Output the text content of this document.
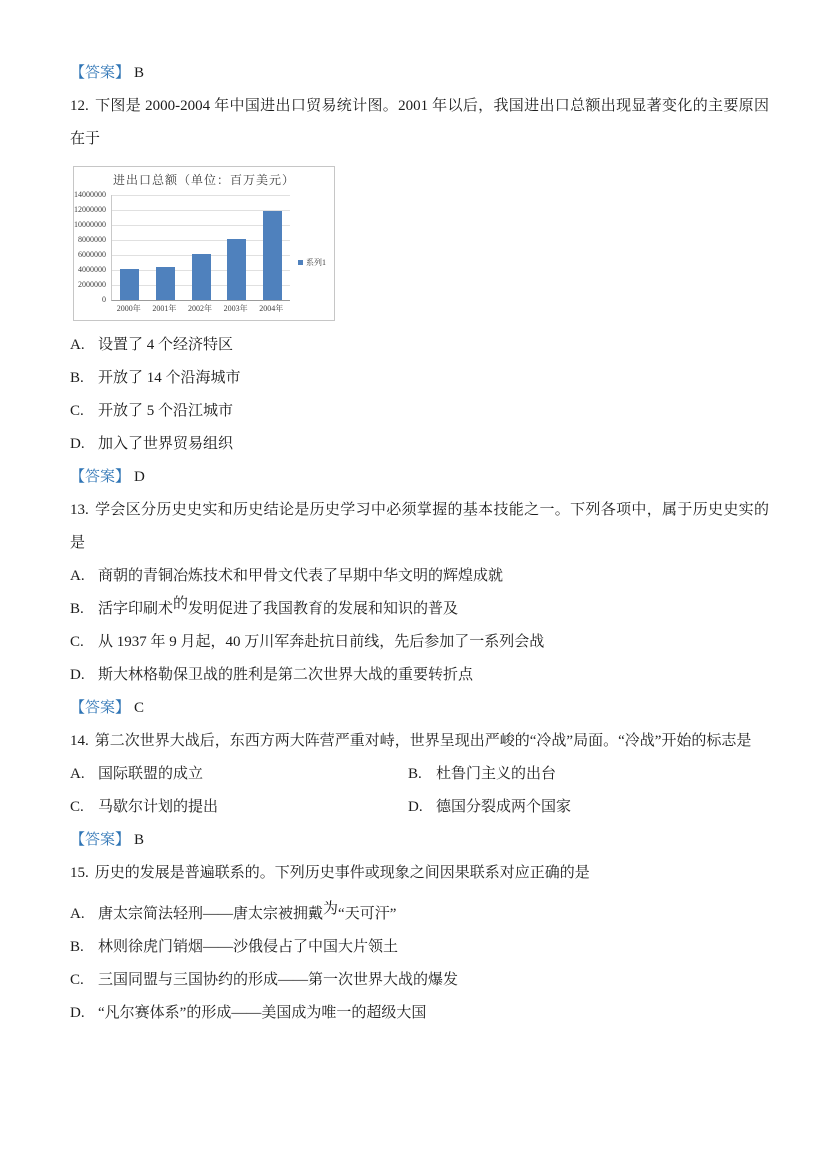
【答案】 B

12. 下图是 2000-2004 年中国进出口贸易统计图。2001 年以后，我国进出口总额出现显著变化的主要原因在于

进出口总额（单位：百万美元）
0
2000000
4000000
6000000
8000000
10000000
12000000
14000000
系列1
2000年 2001年 2002年 2003年 2004年
A. 设置了 4 个经济特区
B. 开放了 14 个沿海城市
C. 开放了 5 个沿江城市
D. 加入了世界贸易组织

【答案】 D

13. 学会区分历史史实和历史结论是历史学习中必须掌握的基本技能之一。下列各项中，属于历史史实的是

A. 商朝的青铜冶炼技术和甲骨文代表了早期中华文明的辉煌成就
B. 活字印刷术的发明促进了我国教育的发展和知识的普及
C. 从 1937 年 9 月起，40 万川军奔赴抗日前线，先后参加了一系列会战
D. 斯大林格勒保卫战的胜利是第二次世界大战的重要转折点

【答案】 C

14. 第二次世界大战后，东西方两大阵营严重对峙，世界呈现出严峻的“冷战”局面。“冷战”开始的标志是

A. 国际联盟的成立	B. 杜鲁门主义的出台
C. 马歇尔计划的提出	D. 德国分裂成两个国家

【答案】 B

15. 历史的发展是普遍联系的。下列历史事件或现象之间因果联系对应正确的是

A. 唐太宗简法轻刑——唐太宗被拥戴为“天可汗”
B. 林则徐虎门销烟——沙俄侵占了中国大片领土
C. 三国同盟与三国协约的形成——第一次世界大战的爆发
D. “凡尔赛体系”的形成——美国成为唯一的超级大国
